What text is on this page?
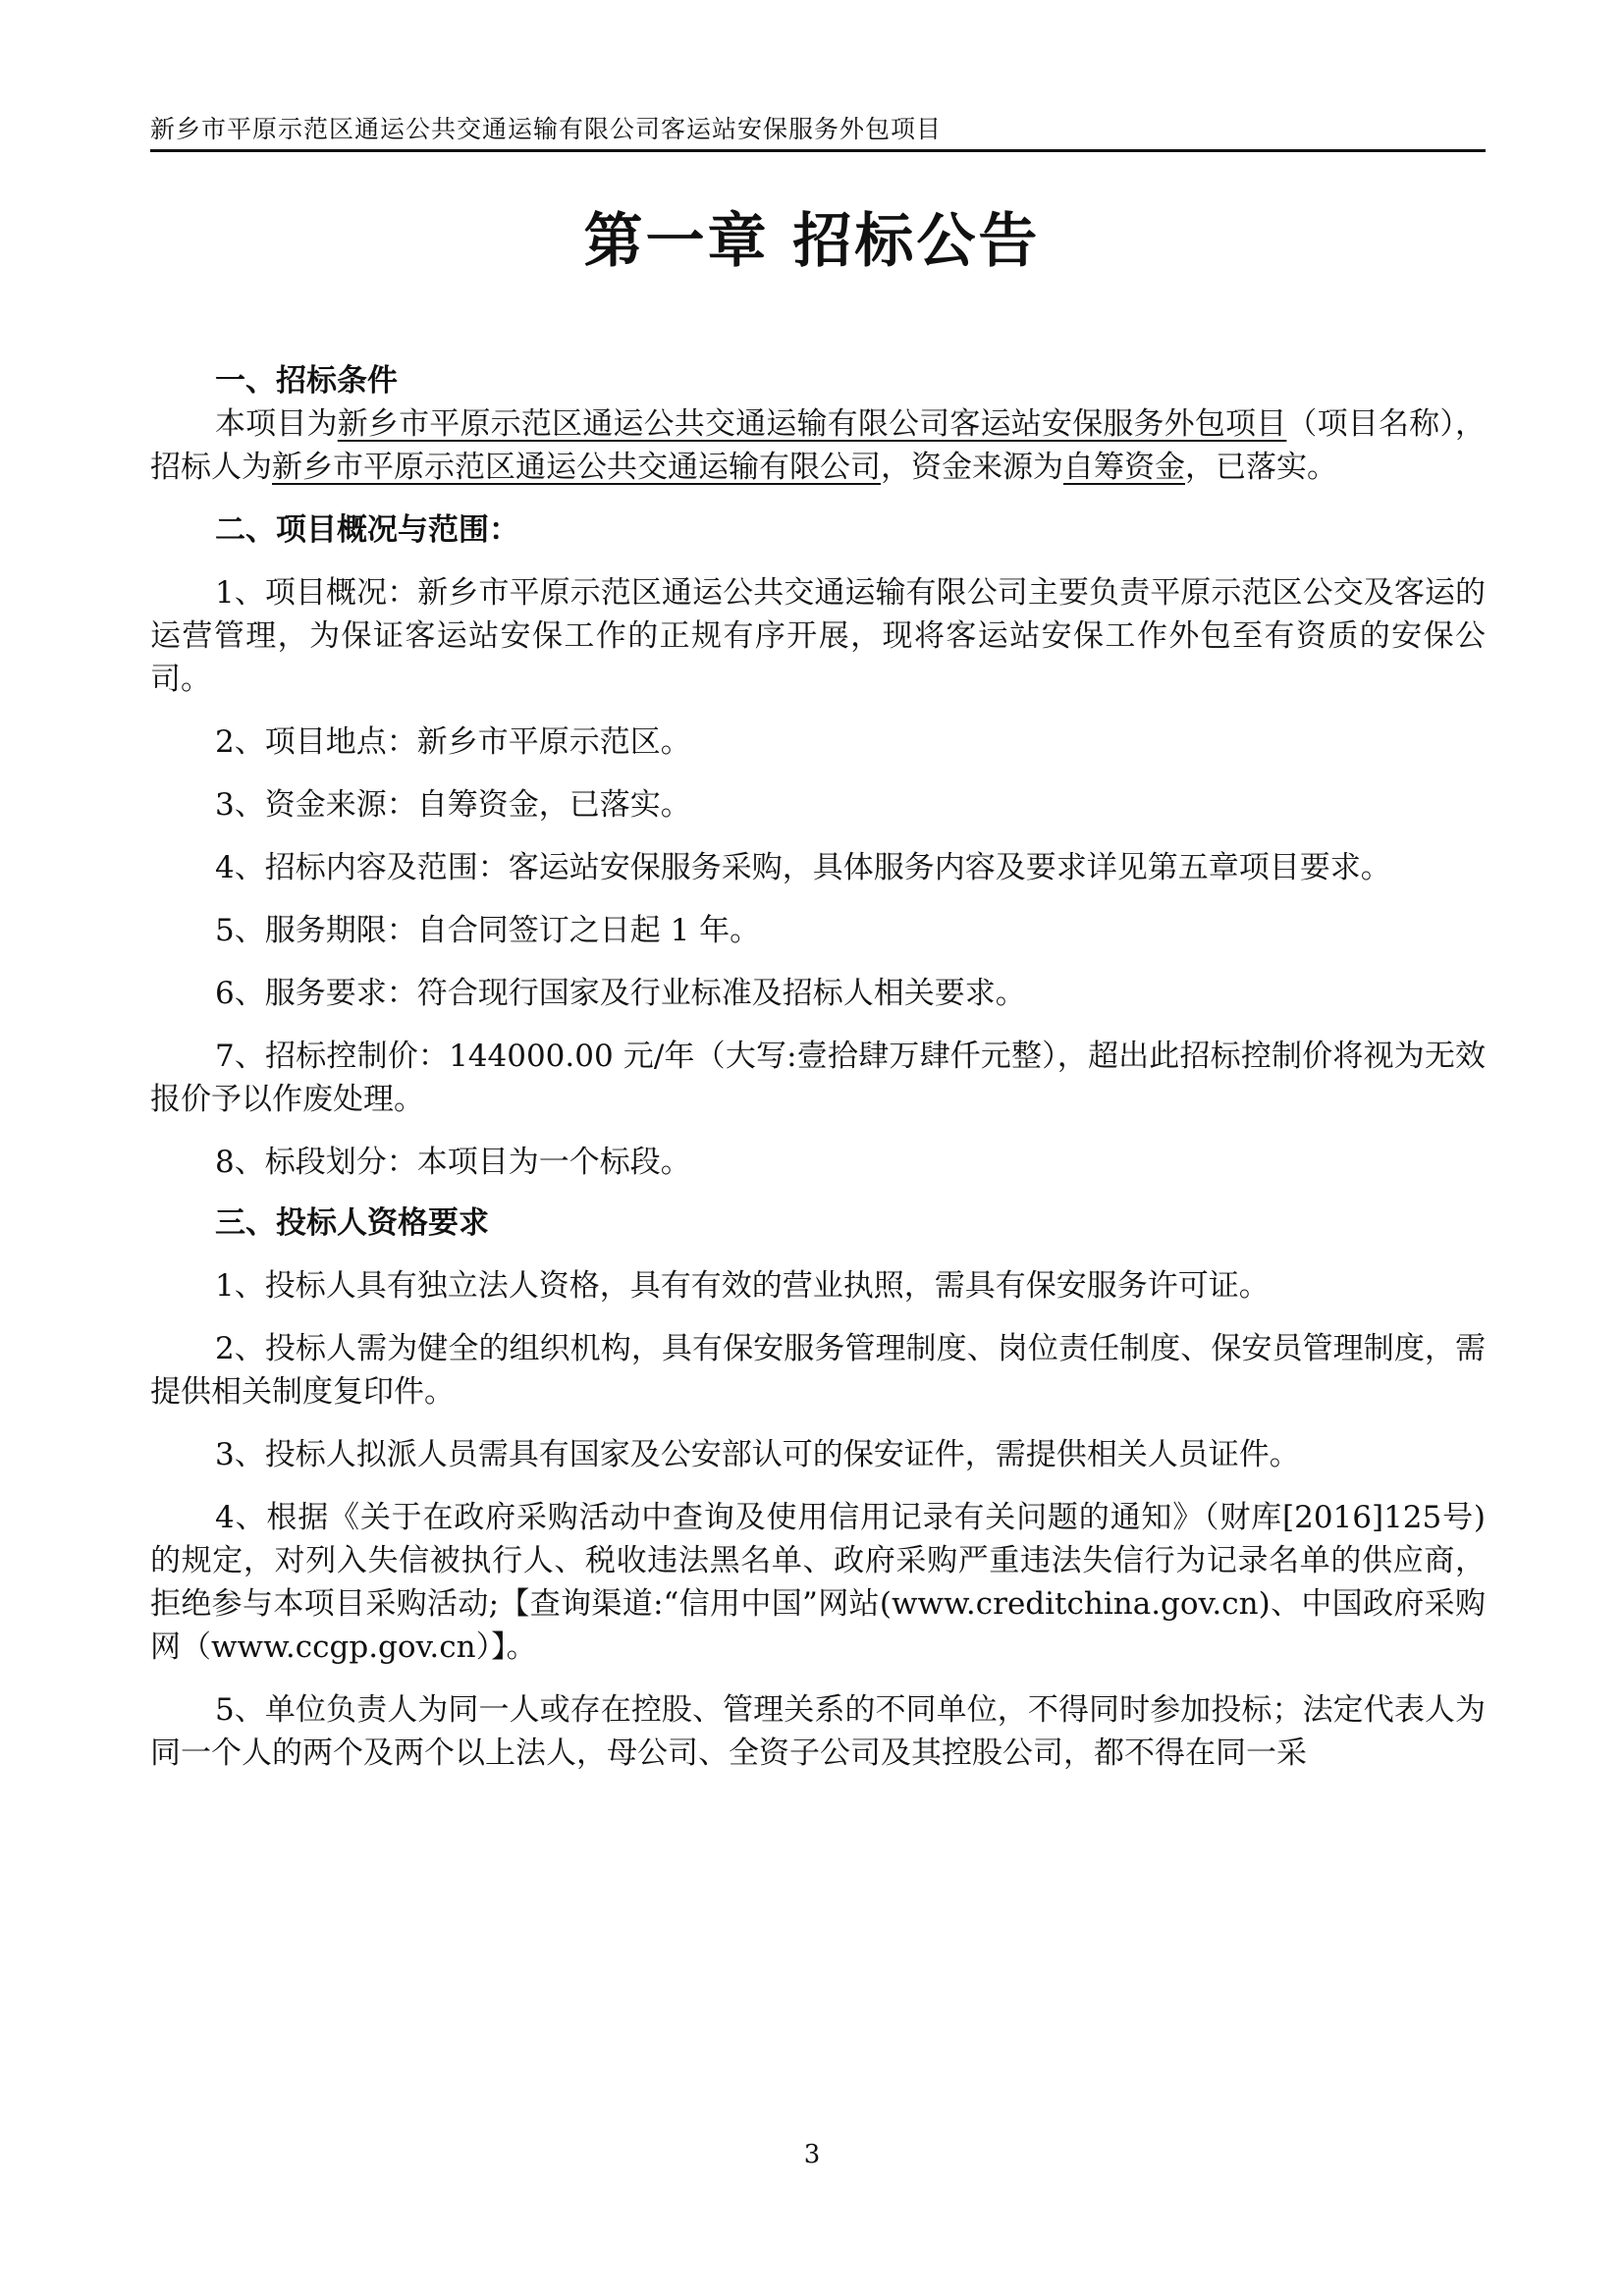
新乡市平原示范区通运公共交通运输有限公司客运站安保服务外包项目
第一章 招标公告

一、招标条件

本项目为新乡市平原示范区通运公共交通运输有限公司客运站安保服务外包项目（项目名称），招标人为新乡市平原示范区通运公共交通运输有限公司，资金来源为自筹资金，已落实。

二、项目概况与范围：

1、项目概况：新乡市平原示范区通运公共交通运输有限公司主要负责平原示范区公交及客运的运营管理，为保证客运站安保工作的正规有序开展，现将客运站安保工作外包至有资质的安保公司。

2、项目地点：新乡市平原示范区。

3、资金来源：自筹资金，已落实。

4、招标内容及范围：客运站安保服务采购，具体服务内容及要求详见第五章项目要求。

5、服务期限：自合同签订之日起 1 年。

6、服务要求：符合现行国家及行业标准及招标人相关要求。

7、招标控制价：144000.00 元/年（大写:壹拾肆万肆仟元整），超出此招标控制价将视为无效报价予以作废处理。

8、标段划分：本项目为一个标段。

三、投标人资格要求

1、投标人具有独立法人资格，具有有效的营业执照，需具有保安服务许可证。

2、投标人需为健全的组织机构，具有保安服务管理制度、岗位责任制度、保安员管理制度，需提供相关制度复印件。

3、投标人拟派人员需具有国家及公安部认可的保安证件，需提供相关人员证件。

4、根据《关于在政府采购活动中查询及使用信用记录有关问题的通知》（财库[2016]125号)的规定，对列入失信被执行人、税收违法黑名单、政府采购严重违法失信行为记录名单的供应商，拒绝参与本项目采购活动;【查询渠道:“信用中国”网站(www.creditchina.gov.cn)、中国政府采购网（www.ccgp.gov.cn）】。

5、单位负责人为同一人或存在控股、管理关系的不同单位，不得同时参加投标；法定代表人为同一个人的两个及两个以上法人，母公司、全资子公司及其控股公司，都不得在同一采

3
